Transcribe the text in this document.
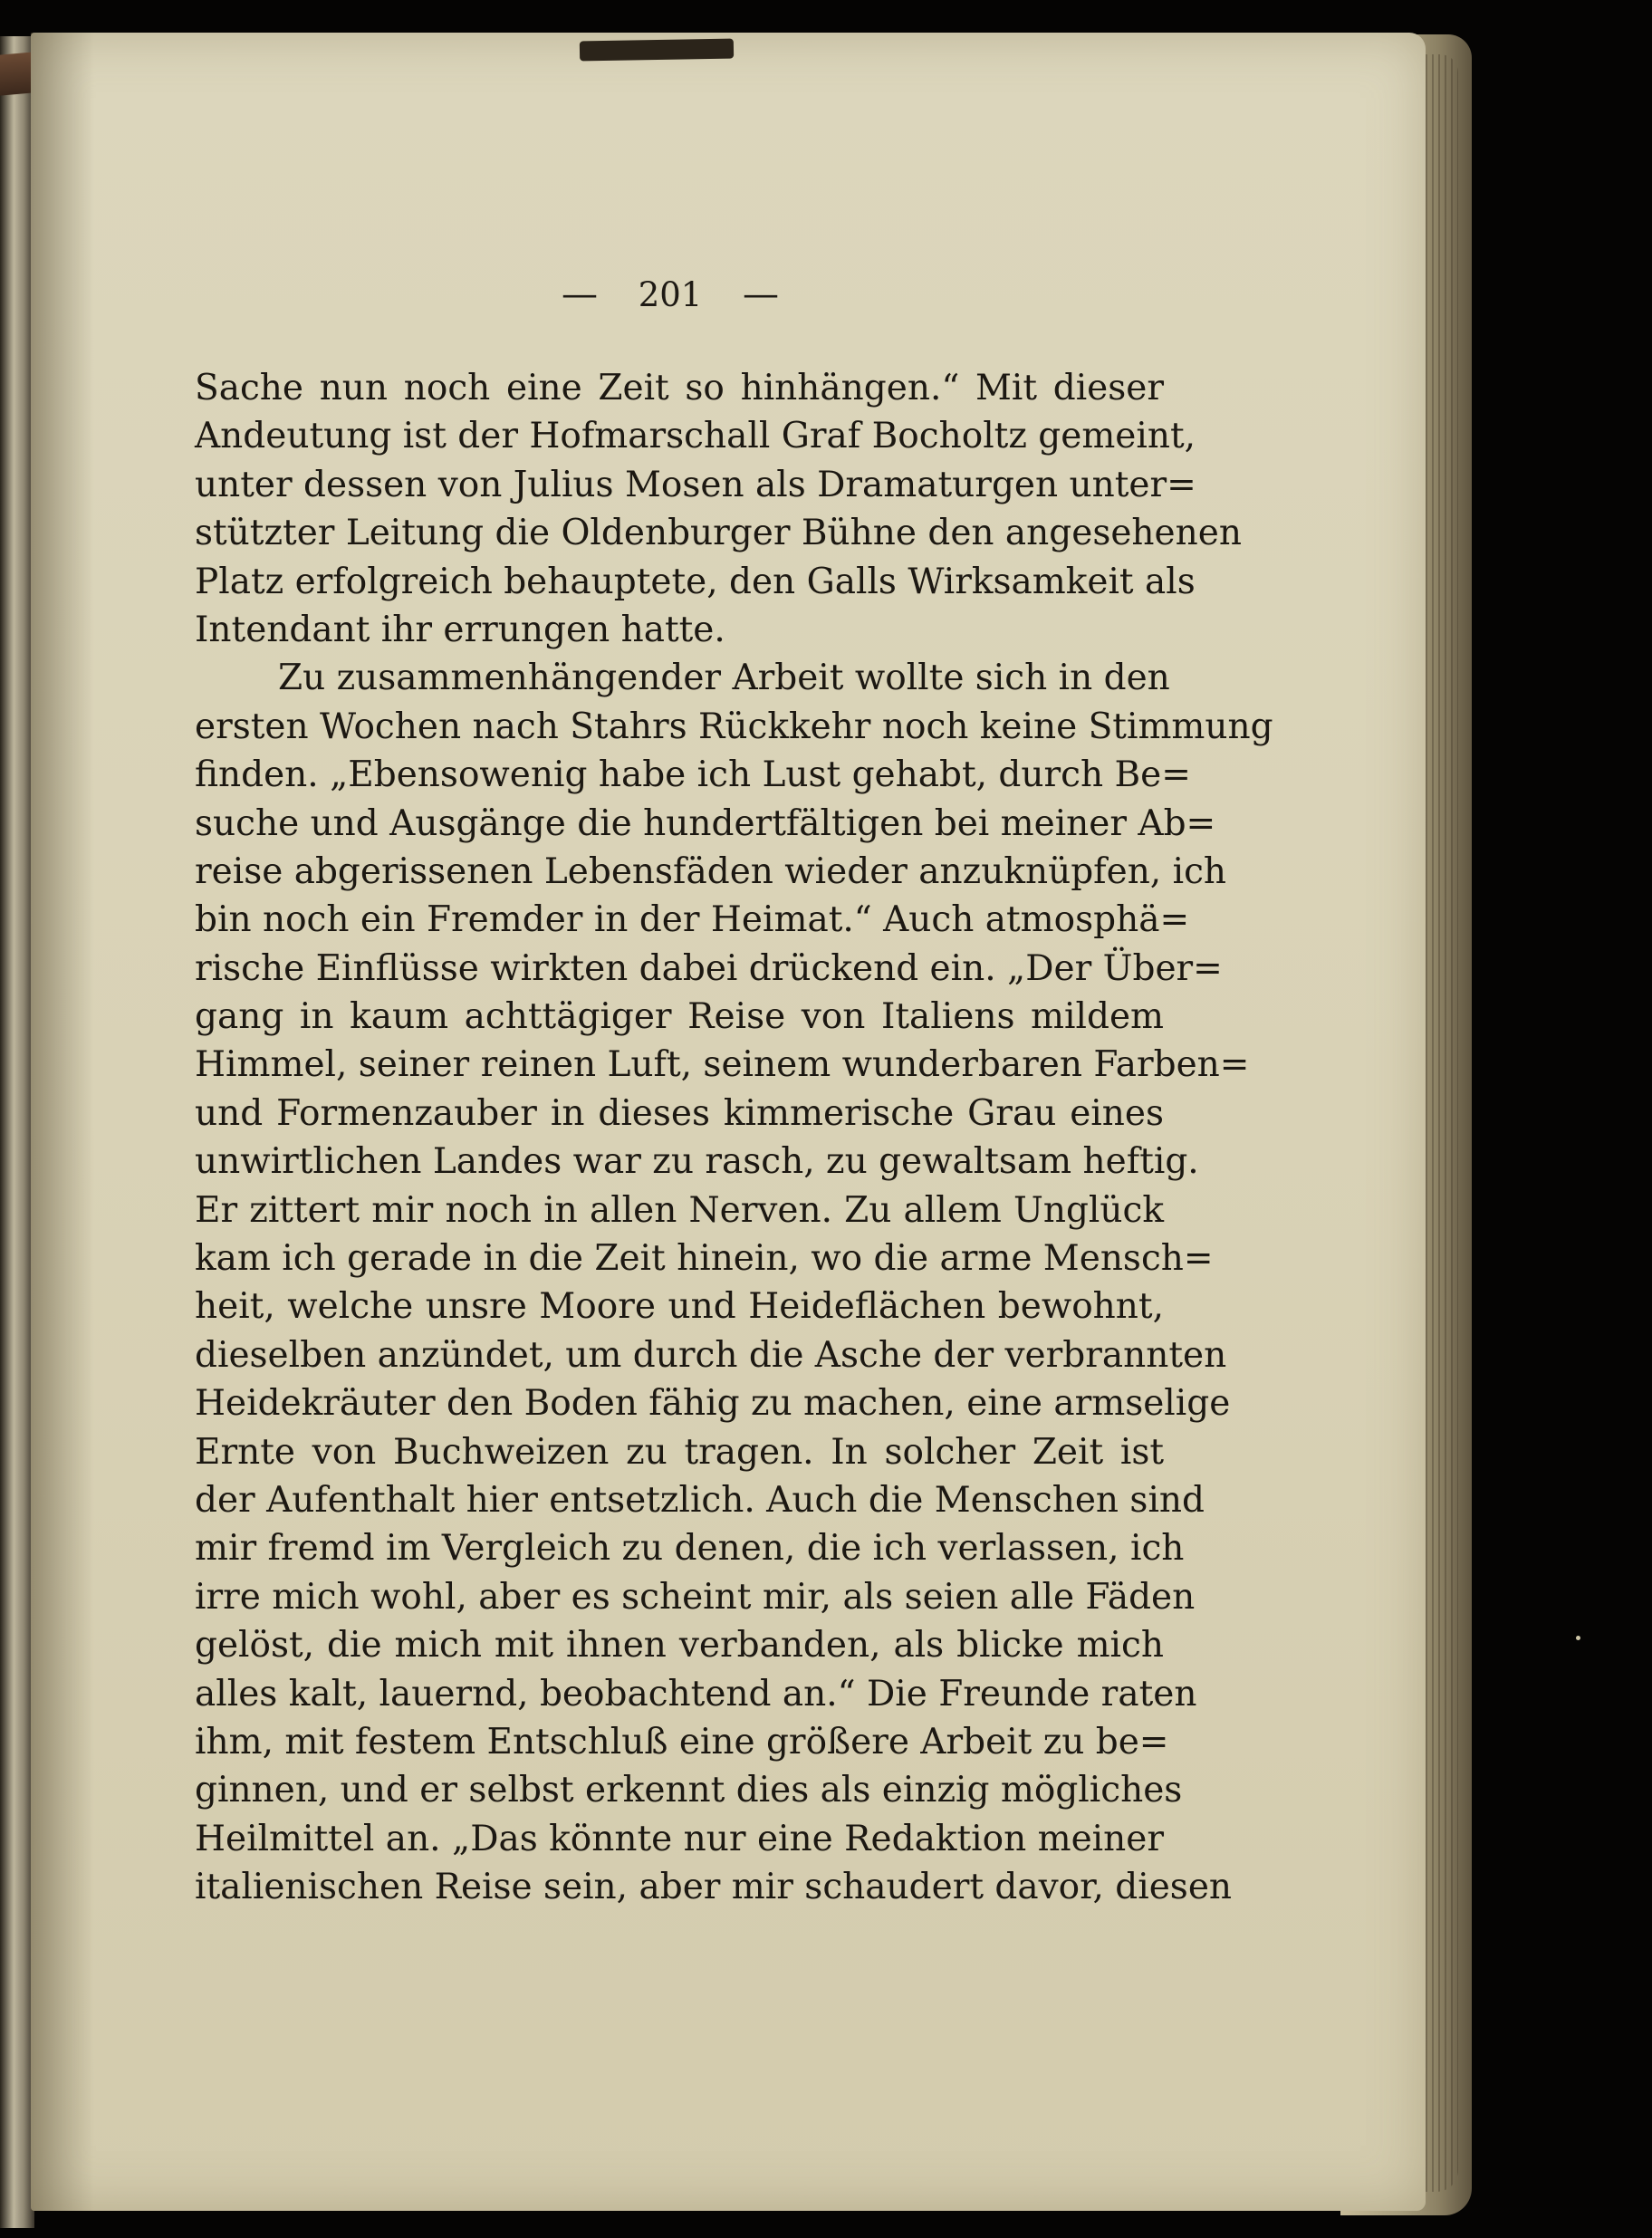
— 201 —
Sache nun noch eine Zeit so hinhängen.“ Mit dieser
Andeutung ist der Hofmarschall Graf Bocholtz gemeint,
unter dessen von Julius Mosen als Dramaturgen unter=
stützter Leitung die Oldenburger Bühne den angesehenen
Platz erfolgreich behauptete, den Galls Wirksamkeit als
Intendant ihr errungen hatte.
Zu zusammenhängender Arbeit wollte sich in den
ersten Wochen nach Stahrs Rückkehr noch keine Stimmung
finden. „Ebensowenig habe ich Lust gehabt, durch Be=
suche und Ausgänge die hundertfältigen bei meiner Ab=
reise abgerissenen Lebensfäden wieder anzuknüpfen, ich
bin noch ein Fremder in der Heimat.“ Auch atmosphä=
rische Einflüsse wirkten dabei drückend ein. „Der Über=
gang in kaum achttägiger Reise von Italiens mildem
Himmel, seiner reinen Luft, seinem wunderbaren Farben=
und Formenzauber in dieses kimmerische Grau eines
unwirtlichen Landes war zu rasch, zu gewaltsam heftig.
Er zittert mir noch in allen Nerven. Zu allem Unglück
kam ich gerade in die Zeit hinein, wo die arme Mensch=
heit, welche unsre Moore und Heideflächen bewohnt,
dieselben anzündet, um durch die Asche der verbrannten
Heidekräuter den Boden fähig zu machen, eine armselige
Ernte von Buchweizen zu tragen. In solcher Zeit ist
der Aufenthalt hier entsetzlich. Auch die Menschen sind
mir fremd im Vergleich zu denen, die ich verlassen, ich
irre mich wohl, aber es scheint mir, als seien alle Fäden
gelöst, die mich mit ihnen verbanden, als blicke mich
alles kalt, lauernd, beobachtend an.“ Die Freunde raten
ihm, mit festem Entschluß eine größere Arbeit zu be=
ginnen, und er selbst erkennt dies als einzig mögliches
Heilmittel an. „Das könnte nur eine Redaktion meiner
italienischen Reise sein, aber mir schaudert davor, diesen
